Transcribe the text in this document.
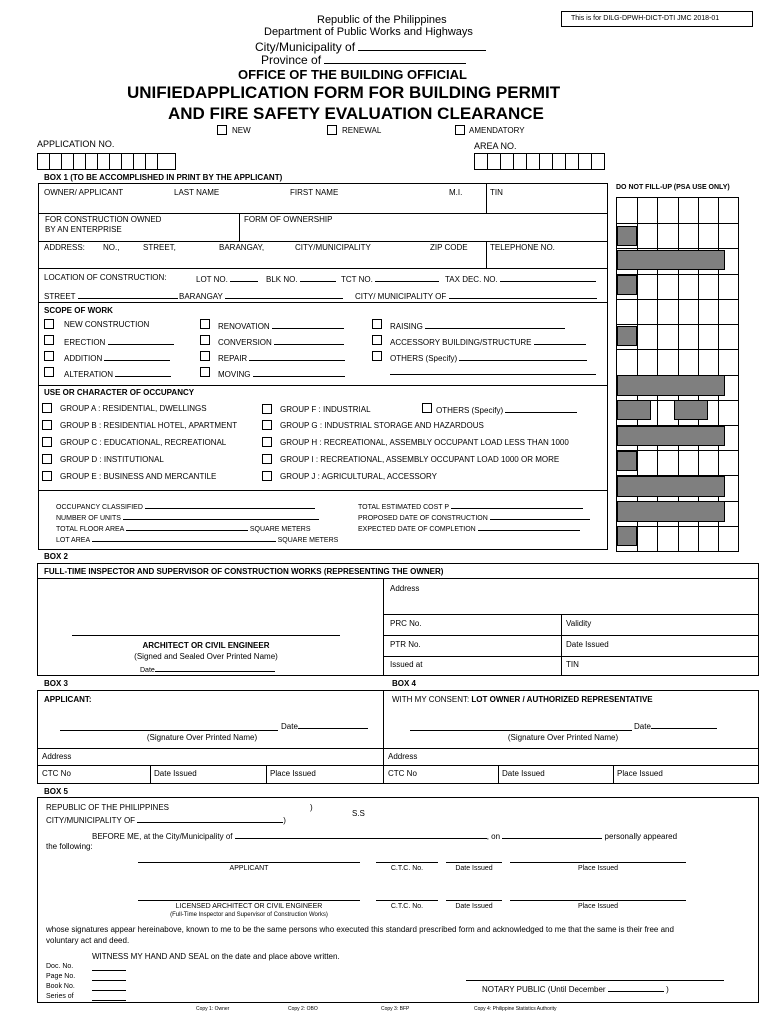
Republic of the Philippines
Department of Public Works and Highways
City/Municipality of
Province of
This is for DILG-DPWH-DICT-DTI JMC 2018-01
OFFICE OF THE BUILDING OFFICIAL
UNIFIEDAPPLICATION FORM FOR BUILDING PERMIT
AND FIRE SAFETY EVALUATION CLEARANCE
NEW	RENEWAL	AMENDATORY
APPLICATION NO.	AREA NO.
BOX 1 (TO BE ACCOMPLISHED IN PRINT BY THE APPLICANT)
OWNER/ APPLICANT	LAST NAME	FIRST NAME	M.I.	TIN
FOR CONSTRUCTION OWNED
BY AN ENTERPRISE
FORM OF OWNERSHIP
ADDRESS: NO.,	STREET,	BARANGAY,	CITY/MUNICIPALITY	ZIP CODE	TELEPHONE NO.
LOCATION OF CONSTRUCTION:	LOT NO.	BLK NO.	TCT NO.	TAX DEC. NO.
STREET	BARANGAY	CITY/ MUNICIPALITY OF
SCOPE OF WORK
NEW CONSTRUCTION
ERECTION
ADDITION
ALTERATION
RENOVATION
CONVERSION
REPAIR
MOVING
RAISING
ACCESSORY BUILDING/STRUCTURE
OTHERS (Specify)
USE OR CHARACTER OF OCCUPANCY
GROUP A : RESIDENTIAL, DWELLINGS
GROUP B : RESIDENTIAL HOTEL, APARTMENT
GROUP C : EDUCATIONAL, RECREATIONAL
GROUP D : INSTITUTIONAL
GROUP E : BUSINESS AND MERCANTILE
GROUP F : INDUSTRIAL
GROUP G : INDUSTRIAL STORAGE AND HAZARDOUS
GROUP H : RECREATIONAL, ASSEMBLY OCCUPANT LOAD LESS THAN 1000
GROUP I : RECREATIONAL, ASSEMBLY OCCUPANT LOAD 1000 OR MORE
GROUP J : AGRICULTURAL, ACCESSORY
OTHERS (Specify)
OCCUPANCY CLASSIFIED
NUMBER OF UNITS
TOTAL FLOOR AREA	SQUARE METERS
LOT AREA	SQUARE METERS
TOTAL ESTIMATED COST P
PROPOSED DATE OF CONSTRUCTION
EXPECTED DATE OF COMPLETION
DO NOT FILL-UP (PSA USE ONLY)
BOX 2
FULL-TIME INSPECTOR AND SUPERVISOR OF CONSTRUCTION WORKS (REPRESENTING THE OWNER)
Address
PRC No.	Validity
PTR No.	Date Issued
Issued at	TIN
ARCHITECT OR CIVIL ENGINEER
(Signed and Sealed Over Printed Name)
Date
BOX 3	BOX 4
APPLICANT:
Date
(Signature Over Printed Name)
WITH MY CONSENT: LOT OWNER / AUTHORIZED REPRESENTATIVE
Date
(Signature Over Printed Name)
Address	Address
CTC No	Date Issued	Place Issued	CTC No	Date Issued	Place Issued
BOX 5
REPUBLIC OF THE PHILIPPINES	)
CITY/MUNICIPALITY OF	)
S.S
BEFORE ME, at the City/Municipality of	, on	personally appeared
the following:
APPLICANT	C.T.C. No.	Date Issued	Place Issued
LICENSED ARCHITECT OR CIVIL ENGINEER
(Full-Time Inspector and Supervisor of Construction Works)
C.T.C. No.	Date Issued	Place Issued
whose signatures appear hereinabove, known to me to be the same persons who executed this standard prescribed form and acknowledged to me that the same is their free and
voluntary act and deed.
WITNESS MY HAND AND SEAL on the date and place above written.
Doc. No.
Page No.
Book No.
Series of
NOTARY PUBLIC (Until December	)
Copy 1: Owner	Copy 2: OBO	Copy 3: BFP	Copy 4: Philippine Statistics Authority
